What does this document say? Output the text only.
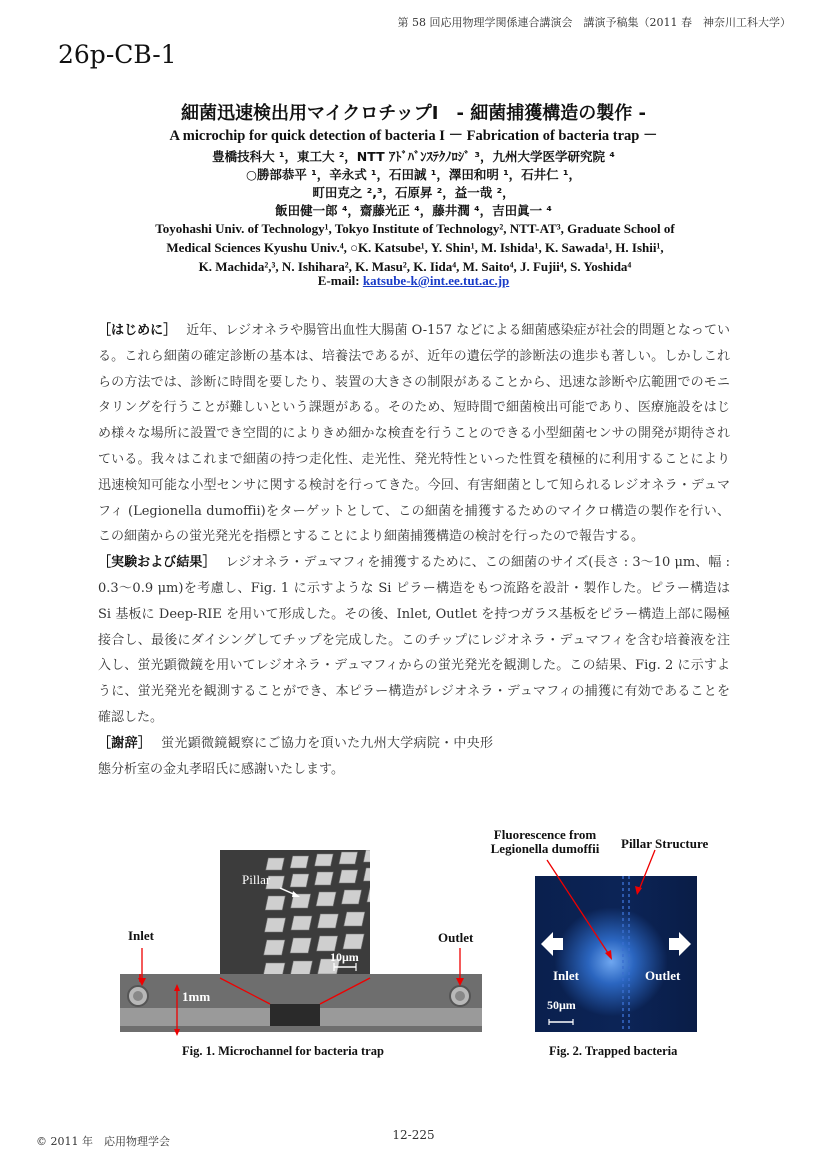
第 58 回応用物理学関係連合講演会　講演予稿集（2011 春　神奈川工科大学）
26p-CB-1
細菌迅速検出用マイクロチップⅠ　- 細菌捕獲構造の製作 -
A microchip for quick detection of bacteria I － Fabrication of bacteria trap －
豊橋技科大 ¹，東工大 ²，NTT ｱﾄﾞﾊﾞﾝｽﾃｸﾉﾛｼﾞ ³，九州大学医学研究院 ⁴
○勝部恭平 ¹，辛永式 ¹，石田誠 ¹，澤田和明 ¹，石井仁 ¹，
町田克之 ²,³，石原昇 ²，益一哉 ²，
飯田健一郎 ⁴，齋藤光正 ⁴，藤井潤 ⁴，吉田眞一 ⁴
Toyohashi Univ. of Technology¹, Tokyo Institute of Technology², NTT-AT³, Graduate School of
Medical Sciences Kyushu Univ.⁴, ○K. Katsube¹, Y. Shin¹, M. Ishida¹, K. Sawada¹, H. Ishii¹,
K. Machida²,³, N. Ishihara², K. Masu², K. Iida⁴, M. Saito⁴, J. Fujii⁴, S. Yoshida⁴
E-mail: katsube-k@int.ee.tut.ac.jp

［はじめに］ 近年、レジオネラや腸管出血性大腸菌 O-157 などによる細菌感染症が社会的問題となっている。これら細菌の確定診断の基本は、培養法であるが、近年の遺伝学的診断法の進歩も著しい。しかしこれらの方法では、診断に時間を要したり、装置の大きさの制限があることから、迅速な診断や広範囲でのモニタリングを行うことが難しいという課題がある。そのため、短時間で細菌検出可能であり、医療施設をはじめ様々な場所に設置でき空間的によりきめ細かな検査を行うことのできる小型細菌センサの開発が期待されている。我々はこれまで細菌の持つ走化性、走光性、発光特性といった性質を積極的に利用することにより迅速検知可能な小型センサに関する検討を行ってきた。今回、有害細菌として知られるレジオネラ・デュマフィ (Legionella dumoffii)をターゲットとして、この細菌を捕獲するためのマイクロ構造の製作を行い、この細菌からの蛍光発光を指標とすることにより細菌捕獲構造の検討を行ったので報告する。

［実験および結果］ レジオネラ・デュマフィを捕獲するために、この細菌のサイズ(長さ : 3～10 μm、幅 : 0.3～0.9 μm)を考慮し、Fig. 1 に示すような Si ピラー構造をもつ流路を設計・製作した。ピラー構造は Si 基板に Deep-RIE を用いて形成した。その後、Inlet, Outlet を持つガラス基板をピラー構造上部に陽極接合し、最後にダイシングしてチップを完成した。このチップにレジオネラ・デュマフィを含む培養液を注入し、蛍光顕微鏡を用いてレジオネラ・デュマフィからの蛍光発光を観測した。この結果、Fig. 2 に示すように、蛍光発光を観測することができ、本ピラー構造がレジオネラ・デュマフィの捕獲に有効であることを確認した。

［謝辞］ 蛍光顕微鏡観察にご協力を頂いた九州大学病院・中央形態分析室の金丸孝昭氏に感謝いたします。

Pillar
10μm
Inlet	Outlet
1mm
Fig. 1. Microchannel for bacteria trap
Fluorescence from
Legionella dumoffii	Pillar Structure
Inlet	Outlet
50μm
Fig. 2. Trapped bacteria
© 2011 年　応用物理学会	12-225
